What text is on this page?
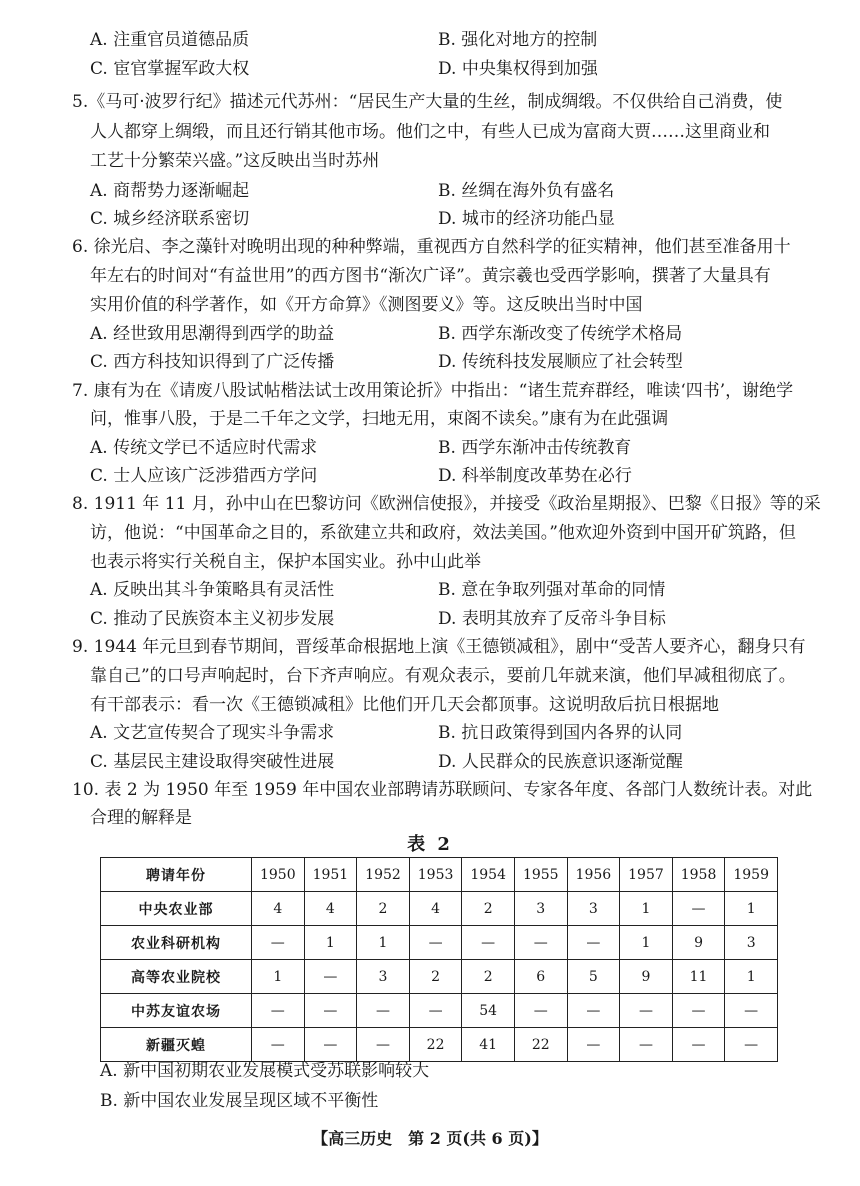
A. 注重官员道德品质	B. 强化对地方的控制
C. 宦官掌握军政大权	D. 中央集权得到加强
5.《马可·波罗行纪》描述元代苏州：“居民生产大量的生丝，制成绸缎。不仅供给自己消费，使
人人都穿上绸缎，而且还行销其他市场。他们之中，有些人已成为富商大贾……这里商业和
工艺十分繁荣兴盛。”这反映出当时苏州
A. 商帮势力逐渐崛起	B. 丝绸在海外负有盛名
C. 城乡经济联系密切	D. 城市的经济功能凸显
6. 徐光启、李之藻针对晚明出现的种种弊端，重视西方自然科学的征实精神，他们甚至准备用十
年左右的时间对“有益世用”的西方图书“渐次广译”。黄宗羲也受西学影响，撰著了大量具有
实用价值的科学著作，如《开方命算》《测图要义》等。这反映出当时中国
A. 经世致用思潮得到西学的助益	B. 西学东渐改变了传统学术格局
C. 西方科技知识得到了广泛传播	D. 传统科技发展顺应了社会转型
7. 康有为在《请废八股试帖楷法试士改用策论折》中指出：“诸生荒弃群经，唯读‘四书’，谢绝学
问，惟事八股，于是二千年之文学，扫地无用，束阁不读矣。”康有为在此强调
A. 传统文学已不适应时代需求	B. 西学东渐冲击传统教育
C. 士人应该广泛涉猎西方学问	D. 科举制度改革势在必行
8. 1911 年 11 月，孙中山在巴黎访问《欧洲信使报》，并接受《政治星期报》、巴黎《日报》等的采
访，他说：“中国革命之目的，系欲建立共和政府，效法美国。”他欢迎外资到中国开矿筑路，但
也表示将实行关税自主，保护本国实业。孙中山此举
A. 反映出其斗争策略具有灵活性	B. 意在争取列强对革命的同情
C. 推动了民族资本主义初步发展	D. 表明其放弃了反帝斗争目标
9. 1944 年元旦到春节期间，晋绥革命根据地上演《王德锁减租》，剧中“受苦人要齐心，翻身只有
靠自己”的口号声响起时，台下齐声响应。有观众表示，要前几年就来演，他们早减租彻底了。
有干部表示：看一次《王德锁减租》比他们开几天会都顶事。这说明敌后抗日根据地
A. 文艺宣传契合了现实斗争需求	B. 抗日政策得到国内各界的认同
C. 基层民主建设取得突破性进展	D. 人民群众的民族意识逐渐觉醒
10. 表 2 为 1950 年至 1959 年中国农业部聘请苏联顾问、专家各年度、各部门人数统计表。对此
合理的解释是
表 2
聘请年份	1950	1951	1952	1953	1954	1955	1956	1957	1958	1959
中央农业部	4	4	2	4	2	3	3	1	—	1
农业科研机构	—	1	1	—	—	—	—	1	9	3
高等农业院校	1	—	3	2	2	6	5	9	11	1
中苏友谊农场	—	—	—	—	54	—	—	—	—	—
新疆灭蝗	—	—	—	22	41	22	—	—	—	—
A. 新中国初期农业发展模式受苏联影响较大
B. 新中国农业发展呈现区域不平衡性
【高三历史　第 2 页(共 6 页)】
